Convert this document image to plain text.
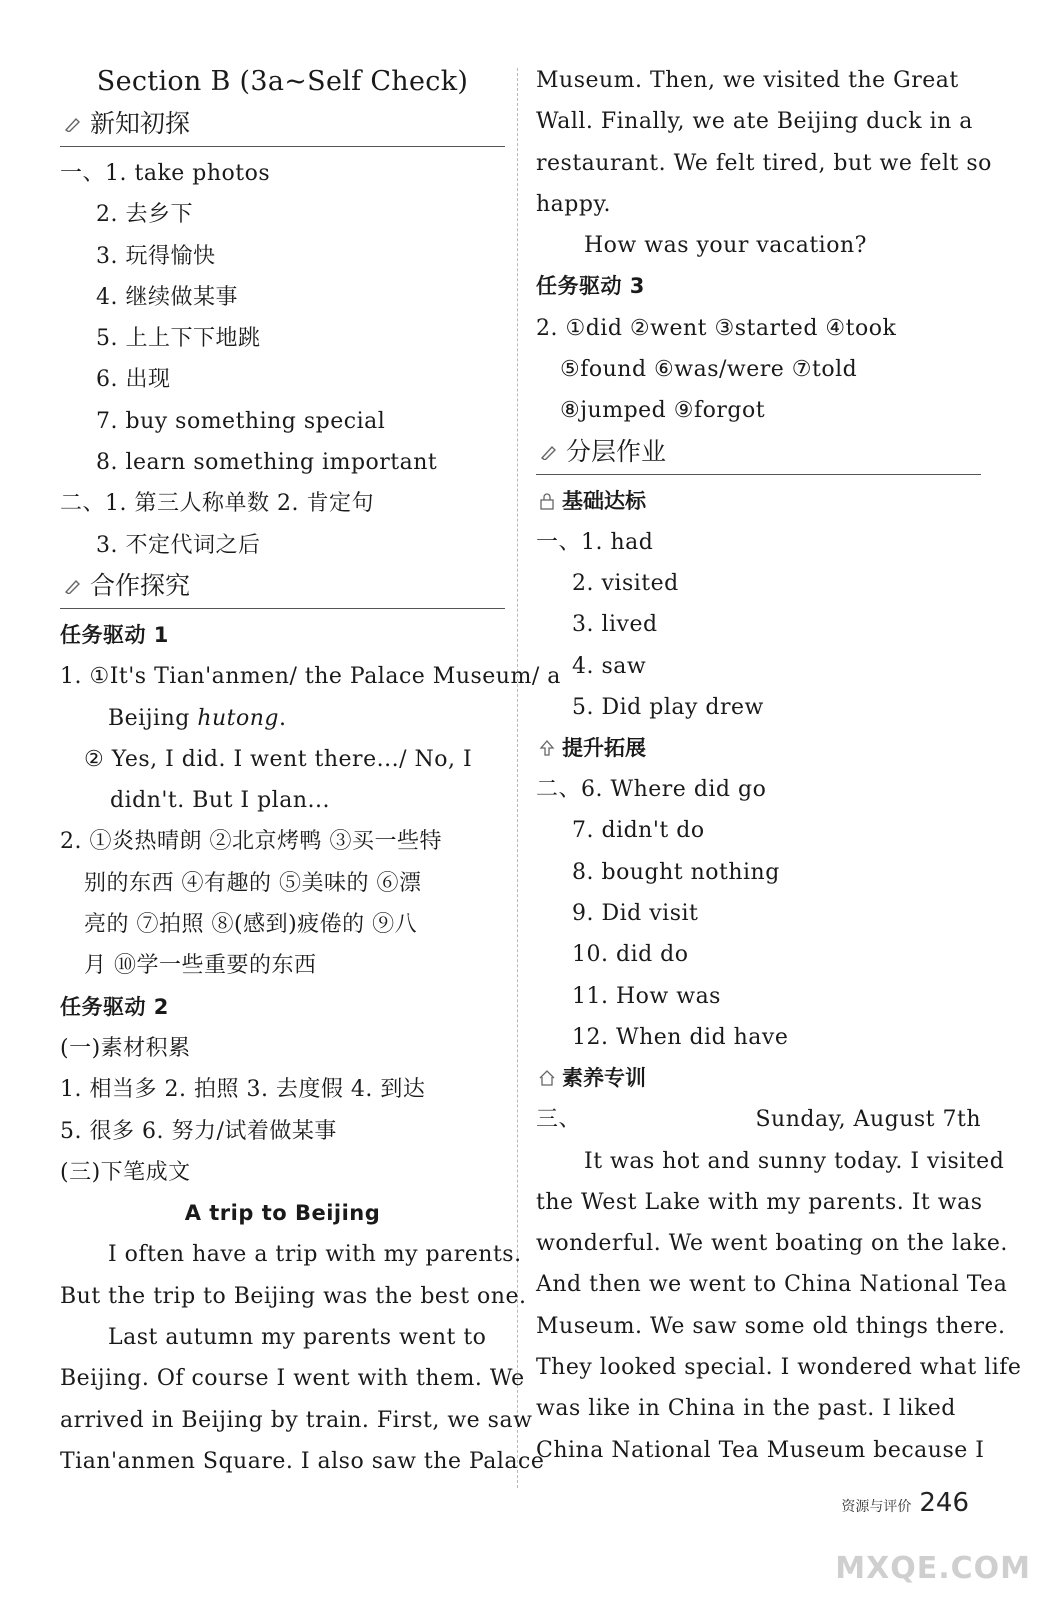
Section B (3a~Self Check)
新知初探
一、1. take photos
2. 去乡下
3. 玩得愉快
4. 继续做某事
5. 上上下下地跳
6. 出现
7. buy something special
8. learn something important
二、1. 第三人称单数 2. 肯定句
3. 不定代词之后
合作探究
任务驱动 1
1. ①It's Tian'anmen/ the Palace Museum/ a
Beijing hutong.
② Yes, I did. I went there.../ No, I
didn't. But I plan...
2. ①炎热晴朗 ②北京烤鸭 ③买一些特
别的东西 ④有趣的 ⑤美味的 ⑥漂
亮的 ⑦拍照 ⑧(感到)疲倦的 ⑨八
月 ⑩学一些重要的东西
任务驱动 2
(一)素材积累
1. 相当多 2. 拍照 3. 去度假 4. 到达
5. 很多 6. 努力/试着做某事
(三)下笔成文
A trip to Beijing
I often have a trip with my parents.
But the trip to Beijing was the best one.
Last autumn my parents went to
Beijing. Of course I went with them. We
arrived in Beijing by train. First, we saw
Tian'anmen Square. I also saw the Palace
Museum. Then, we visited the Great
Wall. Finally, we ate Beijing duck in a
restaurant. We felt tired, but we felt so
happy.
How was your vacation?
任务驱动 3
2. ①did ②went ③started ④took
⑤found ⑥was/were ⑦told
⑧jumped ⑨forgot
分层作业
基础达标
一、1. had
2. visited
3. lived
4. saw
5. Did play drew
提升拓展
二、6. Where did go
7. didn't do
8. bought nothing
9. Did visit
10. did do
11. How was
12. When did have
素养专训
三、	Sunday, August 7th
It was hot and sunny today. I visited
the West Lake with my parents. It was
wonderful. We went boating on the lake.
And then we went to China National Tea
Museum. We saw some old things there.
They looked special. I wondered what life
was like in China in the past. I liked
China National Tea Museum because I
资源与评价 246
MXQE.COM
